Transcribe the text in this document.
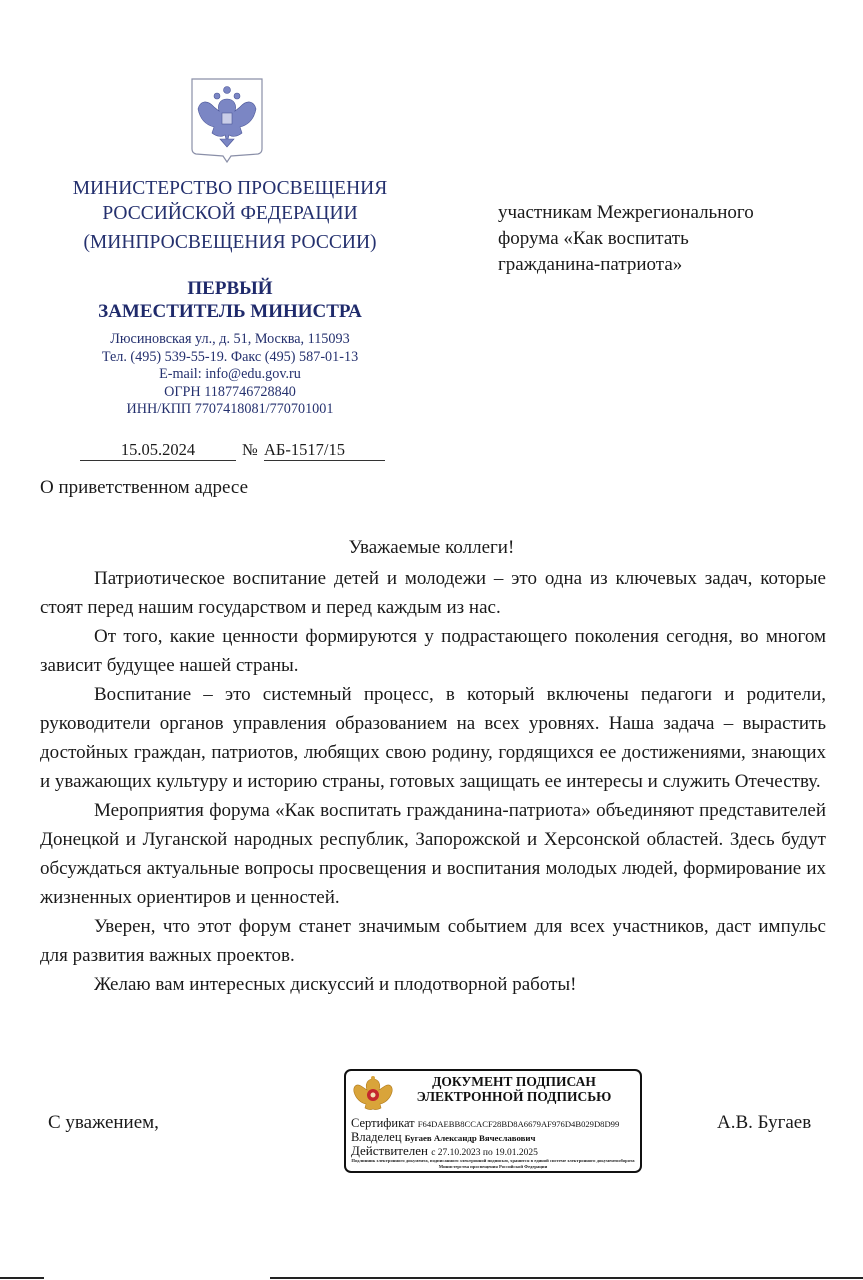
МИНИСТЕРСТВО ПРОСВЕЩЕНИЯ
РОССИЙСКОЙ ФЕДЕРАЦИИ
(МИНПРОСВЕЩЕНИЯ РОССИИ)
ПЕРВЫЙ
ЗАМЕСТИТЕЛЬ МИНИСТРА
Люсиновская ул., д. 51, Москва, 115093
Тел. (495) 539-55-19. Факс (495) 587-01-13
E-mail: info@edu.gov.ru
ОГРН 1187746728840
ИНН/КПП 7707418081/770701001
15.05.2024	№ АБ-1517/15
О приветственном адресе
участникам Межрегионального
форума «Как воспитать
гражданина-патриота»
Уважаемые коллеги!

Патриотическое воспитание детей и молодежи – это одна из ключевых задач, которые стоят перед нашим государством и перед каждым из нас.

От того, какие ценности формируются у подрастающего поколения сегодня, во многом зависит будущее нашей страны.

Воспитание – это системный процесс, в который включены педагоги и родители, руководители органов управления образованием на всех уровнях. Наша задача – вырастить достойных граждан, патриотов, любящих свою родину, гордящихся ее достижениями, знающих и уважающих культуру и историю страны, готовых защищать ее интересы и служить Отечеству.

Мероприятия форума «Как воспитать гражданина-патриота» объединяют представителей Донецкой и Луганской народных республик, Запорожской и Херсонской областей. Здесь будут обсуждаться актуальные вопросы просвещения и воспитания молодых людей, формирование их жизненных ориентиров и ценностей.

Уверен, что этот форум станет значимым событием для всех участников, даст импульс для развития важных проектов.

Желаю вам интересных дискуссий и плодотворной работы!

С уважением,	А.В. Бугаев
ДОКУМЕНТ ПОДПИСАН
ЭЛЕКТРОННОЙ ПОДПИСЬЮ
Сертификат F64DAEBB8CCACF28BD8A6679AF976D4B029D8D99
Владелец Бугаев Александр Вячеславович
Действителен с 27.10.2023 по 19.01.2025
Подлинник электронного документа, подписанного электронной подписью, хранится в единой системе электронного документооборота Министерства просвещения Российской Федерации
